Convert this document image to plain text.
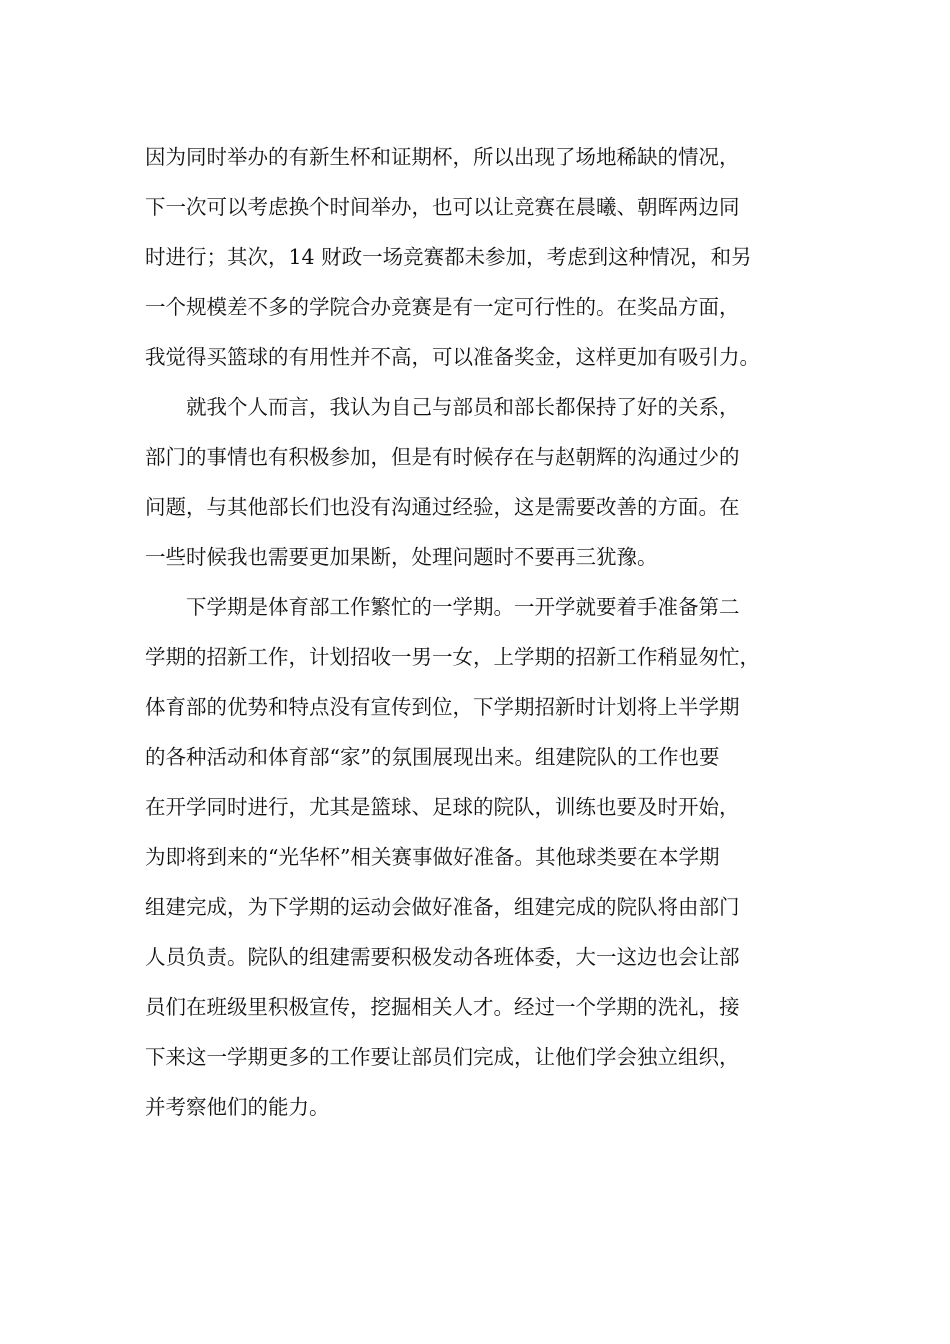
因为同时举办的有新生杯和证期杯，所以出现了场地稀缺的情况，
下一次可以考虑换个时间举办，也可以让竞赛在晨曦、朝晖两边同
时进行；其次，14 财政一场竞赛都未参加，考虑到这种情况，和另
一个规模差不多的学院合办竞赛是有一定可行性的。在奖品方面，
我觉得买篮球的有用性并不高，可以准备奖金，这样更加有吸引力。
　　就我个人而言，我认为自己与部员和部长都保持了好的关系，
部门的事情也有积极参加，但是有时候存在与赵朝辉的沟通过少的
问题，与其他部长们也没有沟通过经验，这是需要改善的方面。在
一些时候我也需要更加果断，处理问题时不要再三犹豫。
　　下学期是体育部工作繁忙的一学期。一开学就要着手准备第二
学期的招新工作，计划招收一男一女，上学期的招新工作稍显匆忙，
体育部的优势和特点没有宣传到位，下学期招新时计划将上半学期
的各种活动和体育部“家”的氛围展现出来。组建院队的工作也要
在开学同时进行，尤其是篮球、足球的院队，训练也要及时开始，
为即将到来的“光华杯”相关赛事做好准备。其他球类要在本学期
组建完成，为下学期的运动会做好准备，组建完成的院队将由部门
人员负责。院队的组建需要积极发动各班体委，大一这边也会让部
员们在班级里积极宣传，挖掘相关人才。经过一个学期的洗礼，接
下来这一学期更多的工作要让部员们完成，让他们学会独立组织，
并考察他们的能力。
